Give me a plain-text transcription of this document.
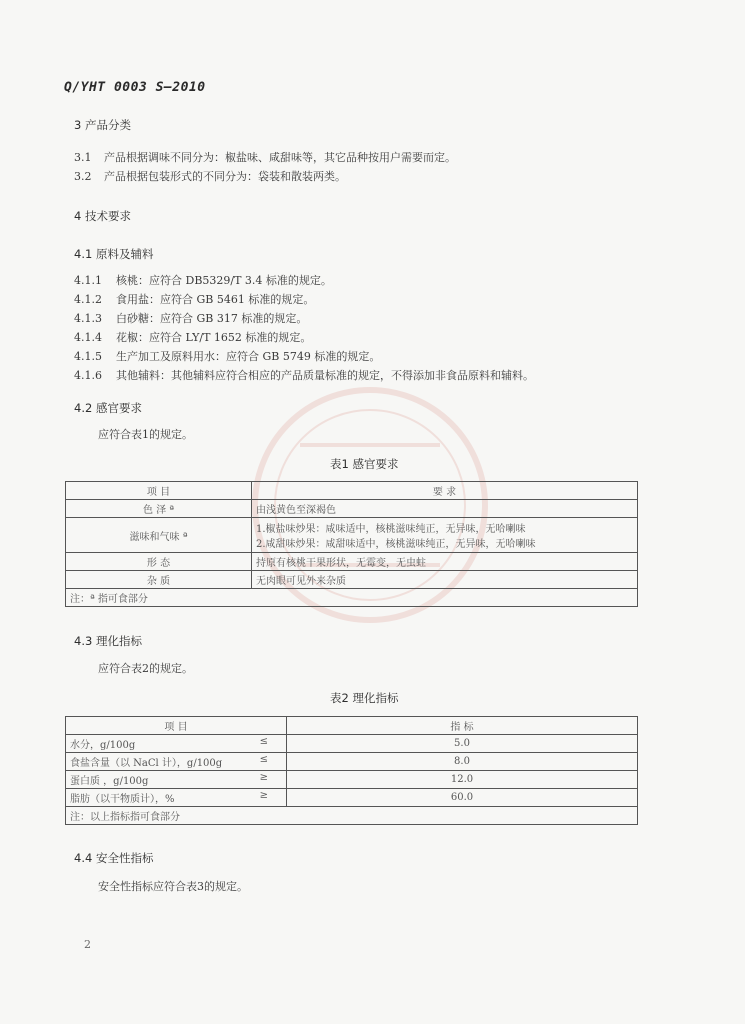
Q/YHT 0003 S—2010
3 产品分类
3.1 产品根据调味不同分为：椒盐味、咸甜味等，其它品种按用户需要而定。
3.2 产品根据包装形式的不同分为：袋装和散装两类。
4 技术要求
4.1 原料及辅料
4.1.1 核桃：应符合 DB5329/T 3.4 标准的规定。
4.1.2 食用盐：应符合 GB 5461 标准的规定。
4.1.3 白砂糖：应符合 GB 317 标准的规定。
4.1.4 花椒：应符合 LY/T 1652 标准的规定。
4.1.5 生产加工及原料用水：应符合 GB 5749 标准的规定。
4.1.6 其他辅料：其他辅料应符合相应的产品质量标准的规定，不得添加非食品原料和辅料。
4.2 感官要求
应符合表1的规定。
表1 感官要求
项 目	要 求
色 泽 ª	由浅黄色至深褐色
滋味和气味 ª	1.椒盐味炒果：咸味适中，核桃滋味纯正，无异味，无哈喇味
2.咸甜味炒果：咸甜味适中，核桃滋味纯正，无异味，无哈喇味

形 态	持原有核桃干果形状，无霉变，无虫蛀
杂 质	无肉眼可见外来杂质
注：ª 指可食部分	
4.3 理化指标
应符合表2的规定。
表2 理化指标
项 目	指 标
水分，g/100g ≤	5.0
食盐含量（以 NaCl 计），g/100g ≤	8.0
蛋白质 ，g/100g ≥	12.0
脂肪（以干物质计），% ≥	60.0
注：以上指标指可食部分	
4.4 安全性指标
安全性指标应符合表3的规定。
2
